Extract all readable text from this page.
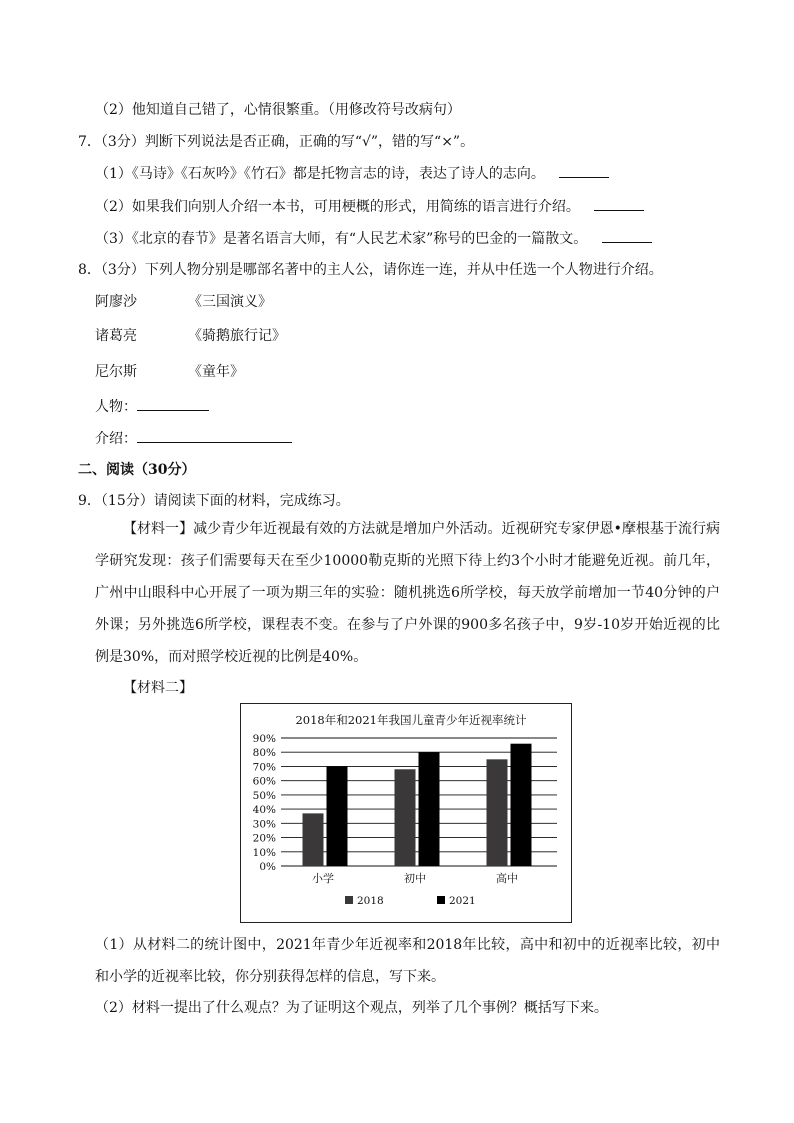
（2）他知道自己错了，心情很繁重。（用修改符号改病句）
7．（3分）判断下列说法是否正确，正确的写“√”，错的写“×”。
（1）《马诗》《石灰吟》《竹石》都是托物言志的诗，表达了诗人的志向。
（2）如果我们向别人介绍一本书，可用梗概的形式，用简练的语言进行介绍。
（3）《北京的春节》是著名语言大师，有“人民艺术家”称号的巴金的一篇散文。
8．（3分）下列人物分别是哪部名著中的主人公，请你连一连，并从中任选一个人物进行介绍。
阿廖沙	《三国演义》
诸葛亮	《骑鹅旅行记》
尼尔斯	《童年》
人物：
介绍：
二、阅读（30分）
9．（15分）请阅读下面的材料，完成练习。
【材料一】减少青少年近视最有效的方法就是增加户外活动。近视研究专家伊恩•摩根基于流行病学研究发现：孩子们需要每天在至少10000勒克斯的光照下待上约3个小时才能避免近视。前几年，广州中山眼科中心开展了一项为期三年的实验：随机挑选6所学校，每天放学前增加一节40分钟的户外课；另外挑选6所学校，课程表不变。在参与了户外课的900多名孩子中，9岁-10岁开始近视的比例是30%，而对照学校近视的比例是40%。
【材料二】
2018年和2021年我国儿童青少年近视率统计
0%
10%
20%
30%
40%
50%
60%
70%
80%
90%
小学	初中	高中
2018	2021
（1）从材料二的统计图中，2021年青少年近视率和2018年比较，高中和初中的近视率比较，初中和小学的近视率比较，你分别获得怎样的信息，写下来。
（2）材料一提出了什么观点？为了证明这个观点，列举了几个事例？概括写下来。
